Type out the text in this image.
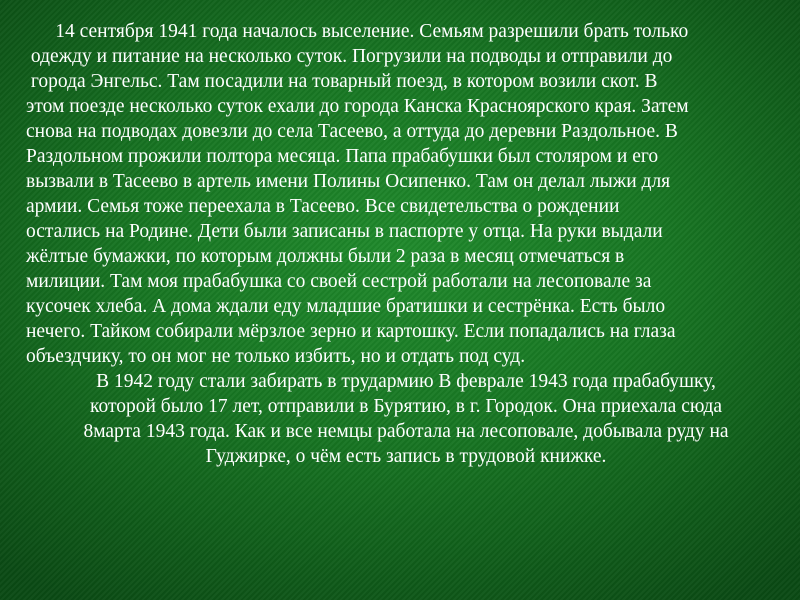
14 сентября 1941 года началось выселение. Семьям разрешили брать только
одежду и питание на несколько суток. Погрузили на подводы и отправили до
города Энгельс. Там посадили на товарный поезд, в котором возили скот. В
этом поезде несколько суток ехали до города Канска Красноярского края. Затем
снова на подводах довезли до села Тасеево, а оттуда до деревни Раздольное. В
Раздольном прожили полтора месяца. Папа прабабушки был столяром и его
вызвали в Тасеево в артель имени Полины Осипенко. Там он делал лыжи для
армии. Семья тоже переехала в Тасеево. Все свидетельства о рождении
остались на Родине. Дети были записаны в паспорте у отца. На руки выдали
жёлтые бумажки, по которым должны были 2 раза в месяц отмечаться в
милиции. Там моя прабабушка со своей сестрой работали на лесоповале за
кусочек хлеба. А дома ждали еду младшие братишки и сестрёнка. Есть было
нечего. Тайком собирали мёрзлое зерно и картошку. Если попадались на глаза
объездчику, то он мог не только избить, но и отдать под суд.
В 1942 году стали забирать в трудармию В феврале 1943 года прабабушку,
которой было 17 лет, отправили в Бурятию, в г. Городок. Она приехала сюда
8марта 1943 года. Как и все немцы работала на лесоповале, добывала руду на
Гуджирке, о чём есть запись в трудовой книжке.
